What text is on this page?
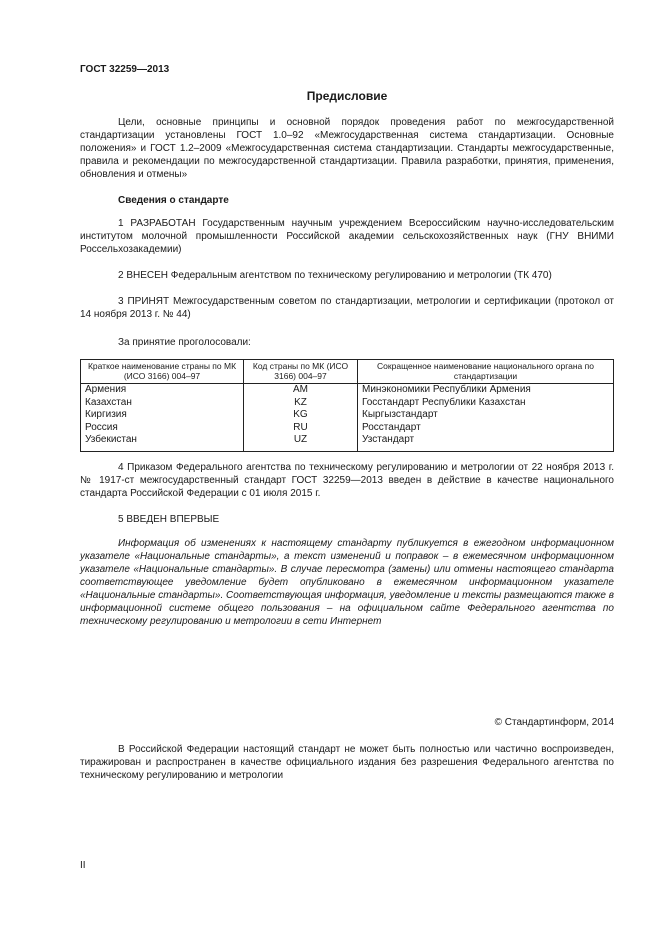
ГОСТ 32259—2013
Предисловие

Цели, основные принципы и основной порядок проведения работ по межгосударственной стандартизации установлены ГОСТ 1.0–92 «Межгосударственная система стандартизации. Основные положения» и ГОСТ 1.2–2009 «Межгосударственная система стандартизации. Стандарты межгосударственные, правила и рекомендации по межгосударственной стандартизации. Правила разработки, принятия, применения, обновления и отмены»

Сведения о стандарте

1 РАЗРАБОТАН Государственным научным учреждением Всероссийским научно-исследовательским институтом молочной промышленности Российской академии сельскохозяйственных наук (ГНУ ВНИМИ Россельхозакадемии)

2 ВНЕСЕН Федеральным агентством по техническому регулированию и метрологии (ТК 470)

3 ПРИНЯТ Межгосударственным советом по стандартизации, метрологии и сертификации (протокол от 14 ноября 2013 г. № 44)

За принятие проголосовали:

Краткое наименование страны по МК (ИСО 3166) 004–97	Код страны по МК (ИСО 3166) 004–97	Сокращенное наименование национального органа по стандартизации
Армения	AM	Минэкономики Республики Армения
Казахстан	KZ	Госстандарт Республики Казахстан
Киргизия	KG	Кыргызстандарт
Россия	RU	Росстандарт
Узбекистан	UZ	Узстандарт

4 Приказом Федерального агентства по техническому регулированию и метрологии от 22 ноября 2013 г. № 1917-ст межгосударственный стандарт ГОСТ 32259—2013 введен в действие в качестве национального стандарта Российской Федерации с 01 июля 2015 г.

5 ВВЕДЕН ВПЕРВЫЕ

Информация об изменениях к настоящему стандарту публикуется в ежегодном информационном указателе «Национальные стандарты», а текст изменений и поправок – в ежемесячном информационном указателе «Национальные стандарты». В случае пересмотра (замены) или отмены настоящего стандарта соответствующее уведомление будет опубликовано в ежемесячном информационном указателе «Национальные стандарты». Соответствующая информация, уведомление и тексты размещаются также в информационной системе общего пользования – на официальном сайте Федерального агентства по техническому регулированию и метрологии в сети Интернет

© Стандартинформ, 2014

В Российской Федерации настоящий стандарт не может быть полностью или частично воспроизведен, тиражирован и распространен в качестве официального издания без разрешения Федерального агентства по техническому регулированию и метрологии

II
